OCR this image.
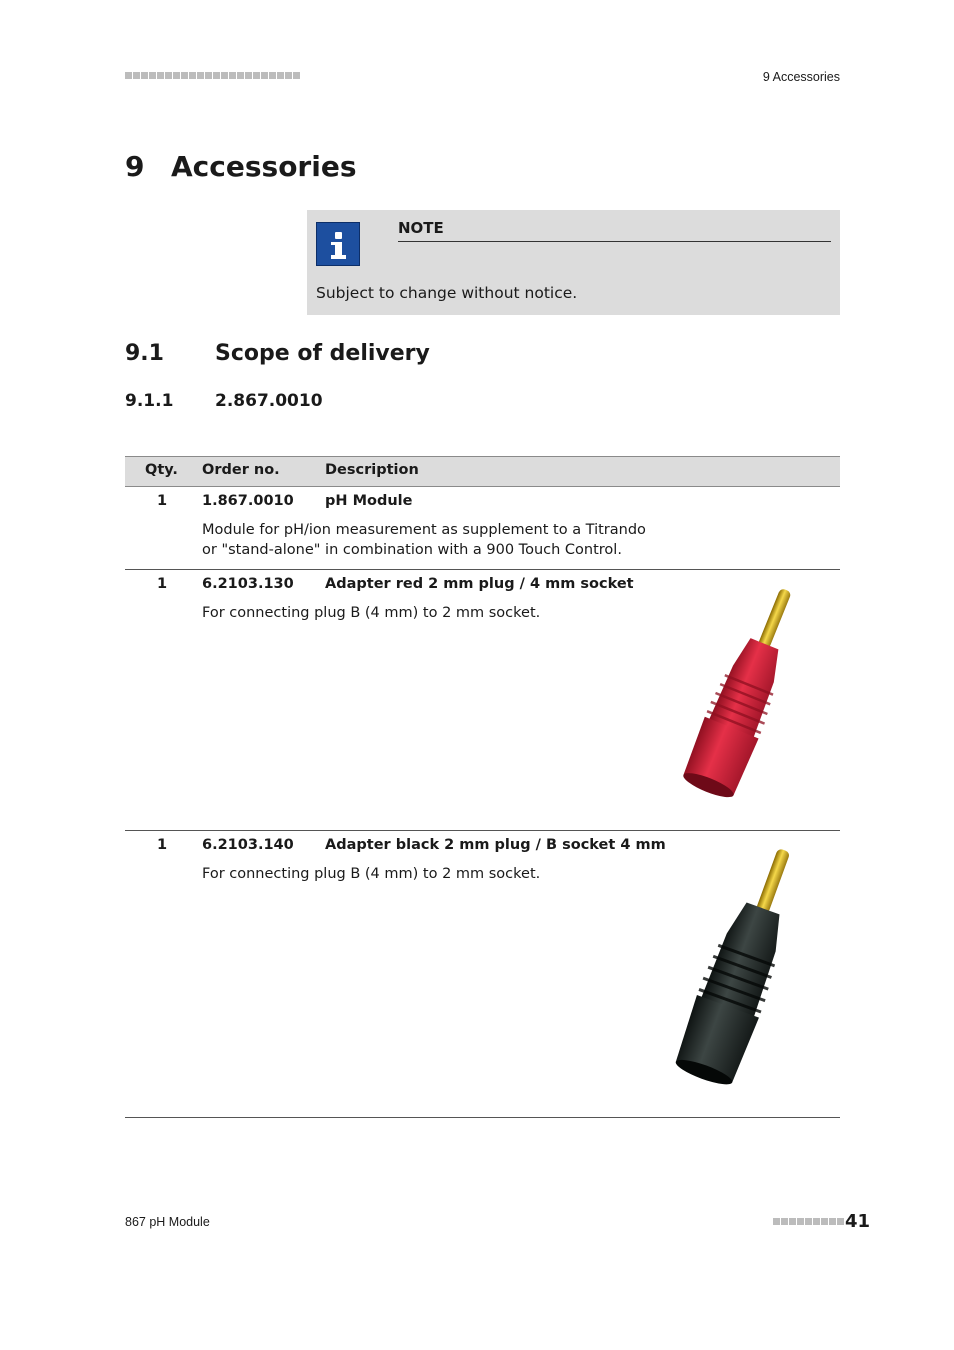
9 Accessories
9 Accessories
NOTE
Subject to change without notice.
9.1 Scope of delivery
9.1.1 2.867.0010
Qty. Order no.	Description
1 1.867.0010 pH Module
Module for pH/ion measurement as supplement to a Titrando or "stand-alone" in combination with a 900 Touch Control.
1 6.2103.130 Adapter red 2 mm plug / 4 mm socket
For connecting plug B (4 mm) to 2 mm socket.
1 6.2103.140 Adapter black 2 mm plug / B socket 4 mm
For connecting plug B (4 mm) to 2 mm socket.
867 pH Module	41
